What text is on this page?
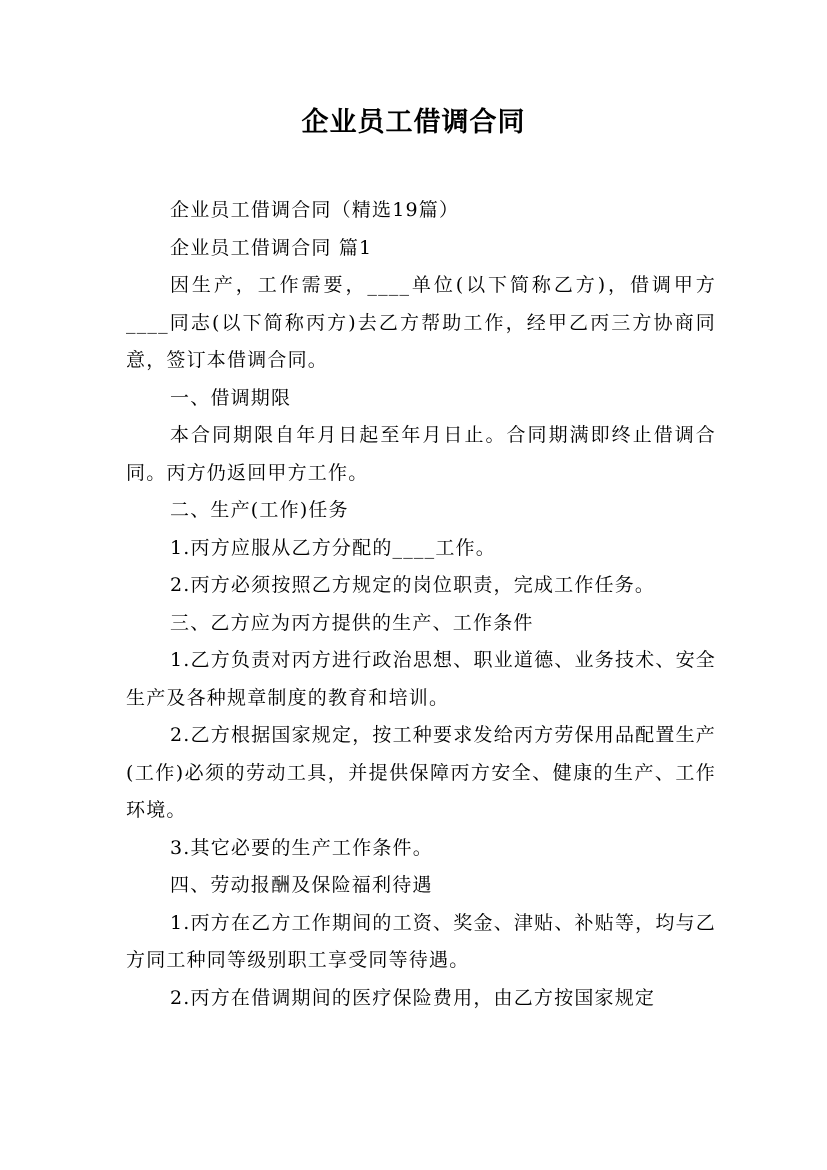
企业员工借调合同

企业员工借调合同（精选19篇）

企业员工借调合同 篇1

因生产，工作需要，____单位(以下简称乙方)，借调甲方____同志(以下简称丙方)去乙方帮助工作，经甲乙丙三方协商同意，签订本借调合同。

一、借调期限

本合同期限自年月日起至年月日止。合同期满即终止借调合同。丙方仍返回甲方工作。

二、生产(工作)任务

1.丙方应服从乙方分配的____工作。

2.丙方必须按照乙方规定的岗位职责，完成工作任务。

三、乙方应为丙方提供的生产、工作条件

1.乙方负责对丙方进行政治思想、职业道德、业务技术、安全生产及各种规章制度的教育和培训。

2.乙方根据国家规定，按工种要求发给丙方劳保用品配置生产(工作)必须的劳动工具，并提供保障丙方安全、健康的生产、工作环境。

3.其它必要的生产工作条件。

四、劳动报酬及保险福利待遇

1.丙方在乙方工作期间的工资、奖金、津贴、补贴等，均与乙方同工种同等级别职工享受同等待遇。

2.丙方在借调期间的医疗保险费用，由乙方按国家规定
